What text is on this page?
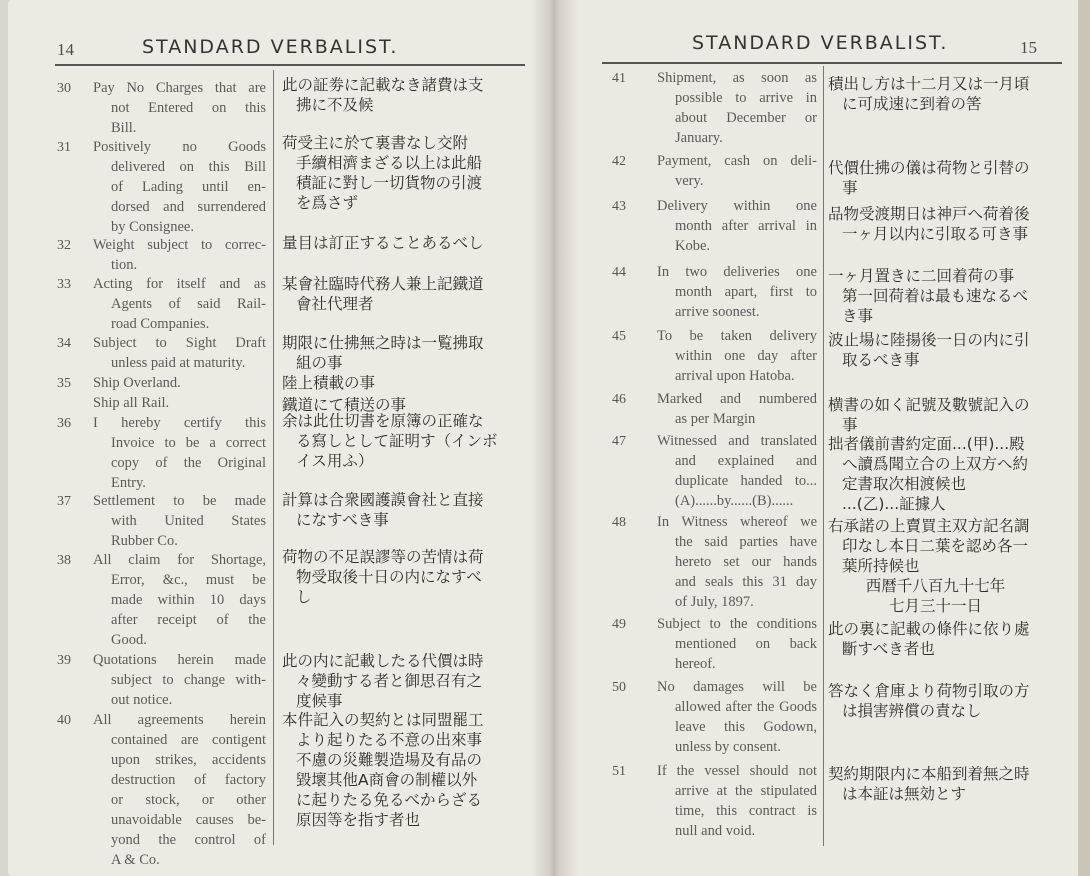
14	STANDARD VERBALIST.	STANDARD VERBALIST.	15
30	Pay No Charges that are
not Entered on this
Bill.
此の証劵に記載なき諸費は支
拂に不及候
31	Positively no Goods
delivered on this Bill
of Lading until en-
dorsed and surrendered
by Consignee.
荷受主に於て裏書なし交附
手續相濟まざる以上は此船
積証に對し一切貨物の引渡
を爲さず
32	Weight subject to correc-
tion.
量目は訂正することあるべし
33	Acting for itself and as
Agents of said Rail-
road Companies.
某會社臨時代務人兼上記鐵道
會社代理者
34	Subject to Sight Draft
unless paid at maturity.
期限に仕拂無之時は一覧拂取
組の事
35	Ship Overland.	陸上積載の事
Ship all Rail.	鐵道にて積送の事
36	I hereby certify this
Invoice to be a correct
copy of the Original
Entry.
余は此仕切書を原簿の正確な
る寫しとして証明す（インボ
イス用ふ）
37	Settlement to be made
with United States
Rubber Co.
計算は合衆國護謨會社と直接
になすべき事
38	All claim for Shortage,
Error, &c., must be
made within 10 days
after receipt of the
Good.
荷物の不足誤謬等の苦情は荷
物受取後十日の内になすべ
し
39	Quotations herein made
subject to change with-
out notice.
此の内に記載したる代價は時
々變動する者と御思召有之
度候事
40	All agreements herein
contained are contigent
upon strikes, accidents
destruction of factory
or stock, or other
unavoidable causes be-
yond the control of
A & Co.
本件記入の契約とは同盟罷工
より起りたる不意の出來事
不慮の災難製造場及有品の
毀壞其他A商會の制權以外
に起りたる免るべからざる
原因等を指す者也
41	Shipment, as soon as
possible to arrive in
about December or
January.
積出し方は十二月又は一月頃
に可成速に到着の筈
42	Payment, cash on deli-
very.
代價仕拂の儀は荷物と引替の
事
43	Delivery within one
month after arrival in
Kobe.
品物受渡期日は神戸へ荷着後
一ヶ月以内に引取る可き事
44	In two deliveries one
month apart, first to
arrive soonest.
一ヶ月置きに二回着荷の事
第一回荷着は最も速なるべ
き事
45	To be taken delivery
within one day after
arrival upon Hatoba.
波止場に陸揚後一日の内に引
取るべき事
46	Marked and numbered
as per Margin
横書の如く記號及數號記入の
事
47	Witnessed and translated
and explained and
duplicate handed to...
(A)......by......(B)......
拙者儀前書約定面...(甲)...殿
へ讀爲聞立合の上双方へ約
定書取次相渡候也
...(乙)...証據人
48	In Witness whereof we
the said parties have
hereto set our hands
and seals this 31 day
of July, 1897.
右承諾の上賣買主双方記名調
印なし本日二葉を認め各一
葉所持候也
西暦千八百九十七年
七月三十一日
49	Subject to the conditions
mentioned on back
hereof.
此の裏に記載の條件に依り處
斷すべき者也
50	No damages will be
allowed after the Goods
leave this Godown,
unless by consent.
答なく倉庫より荷物引取の方
は損害辨償の責なし
51	If the vessel should not
arrive at the stipulated
time, this contract is
null and void.
契約期限内に本船到着無之時
は本証は無効とす
